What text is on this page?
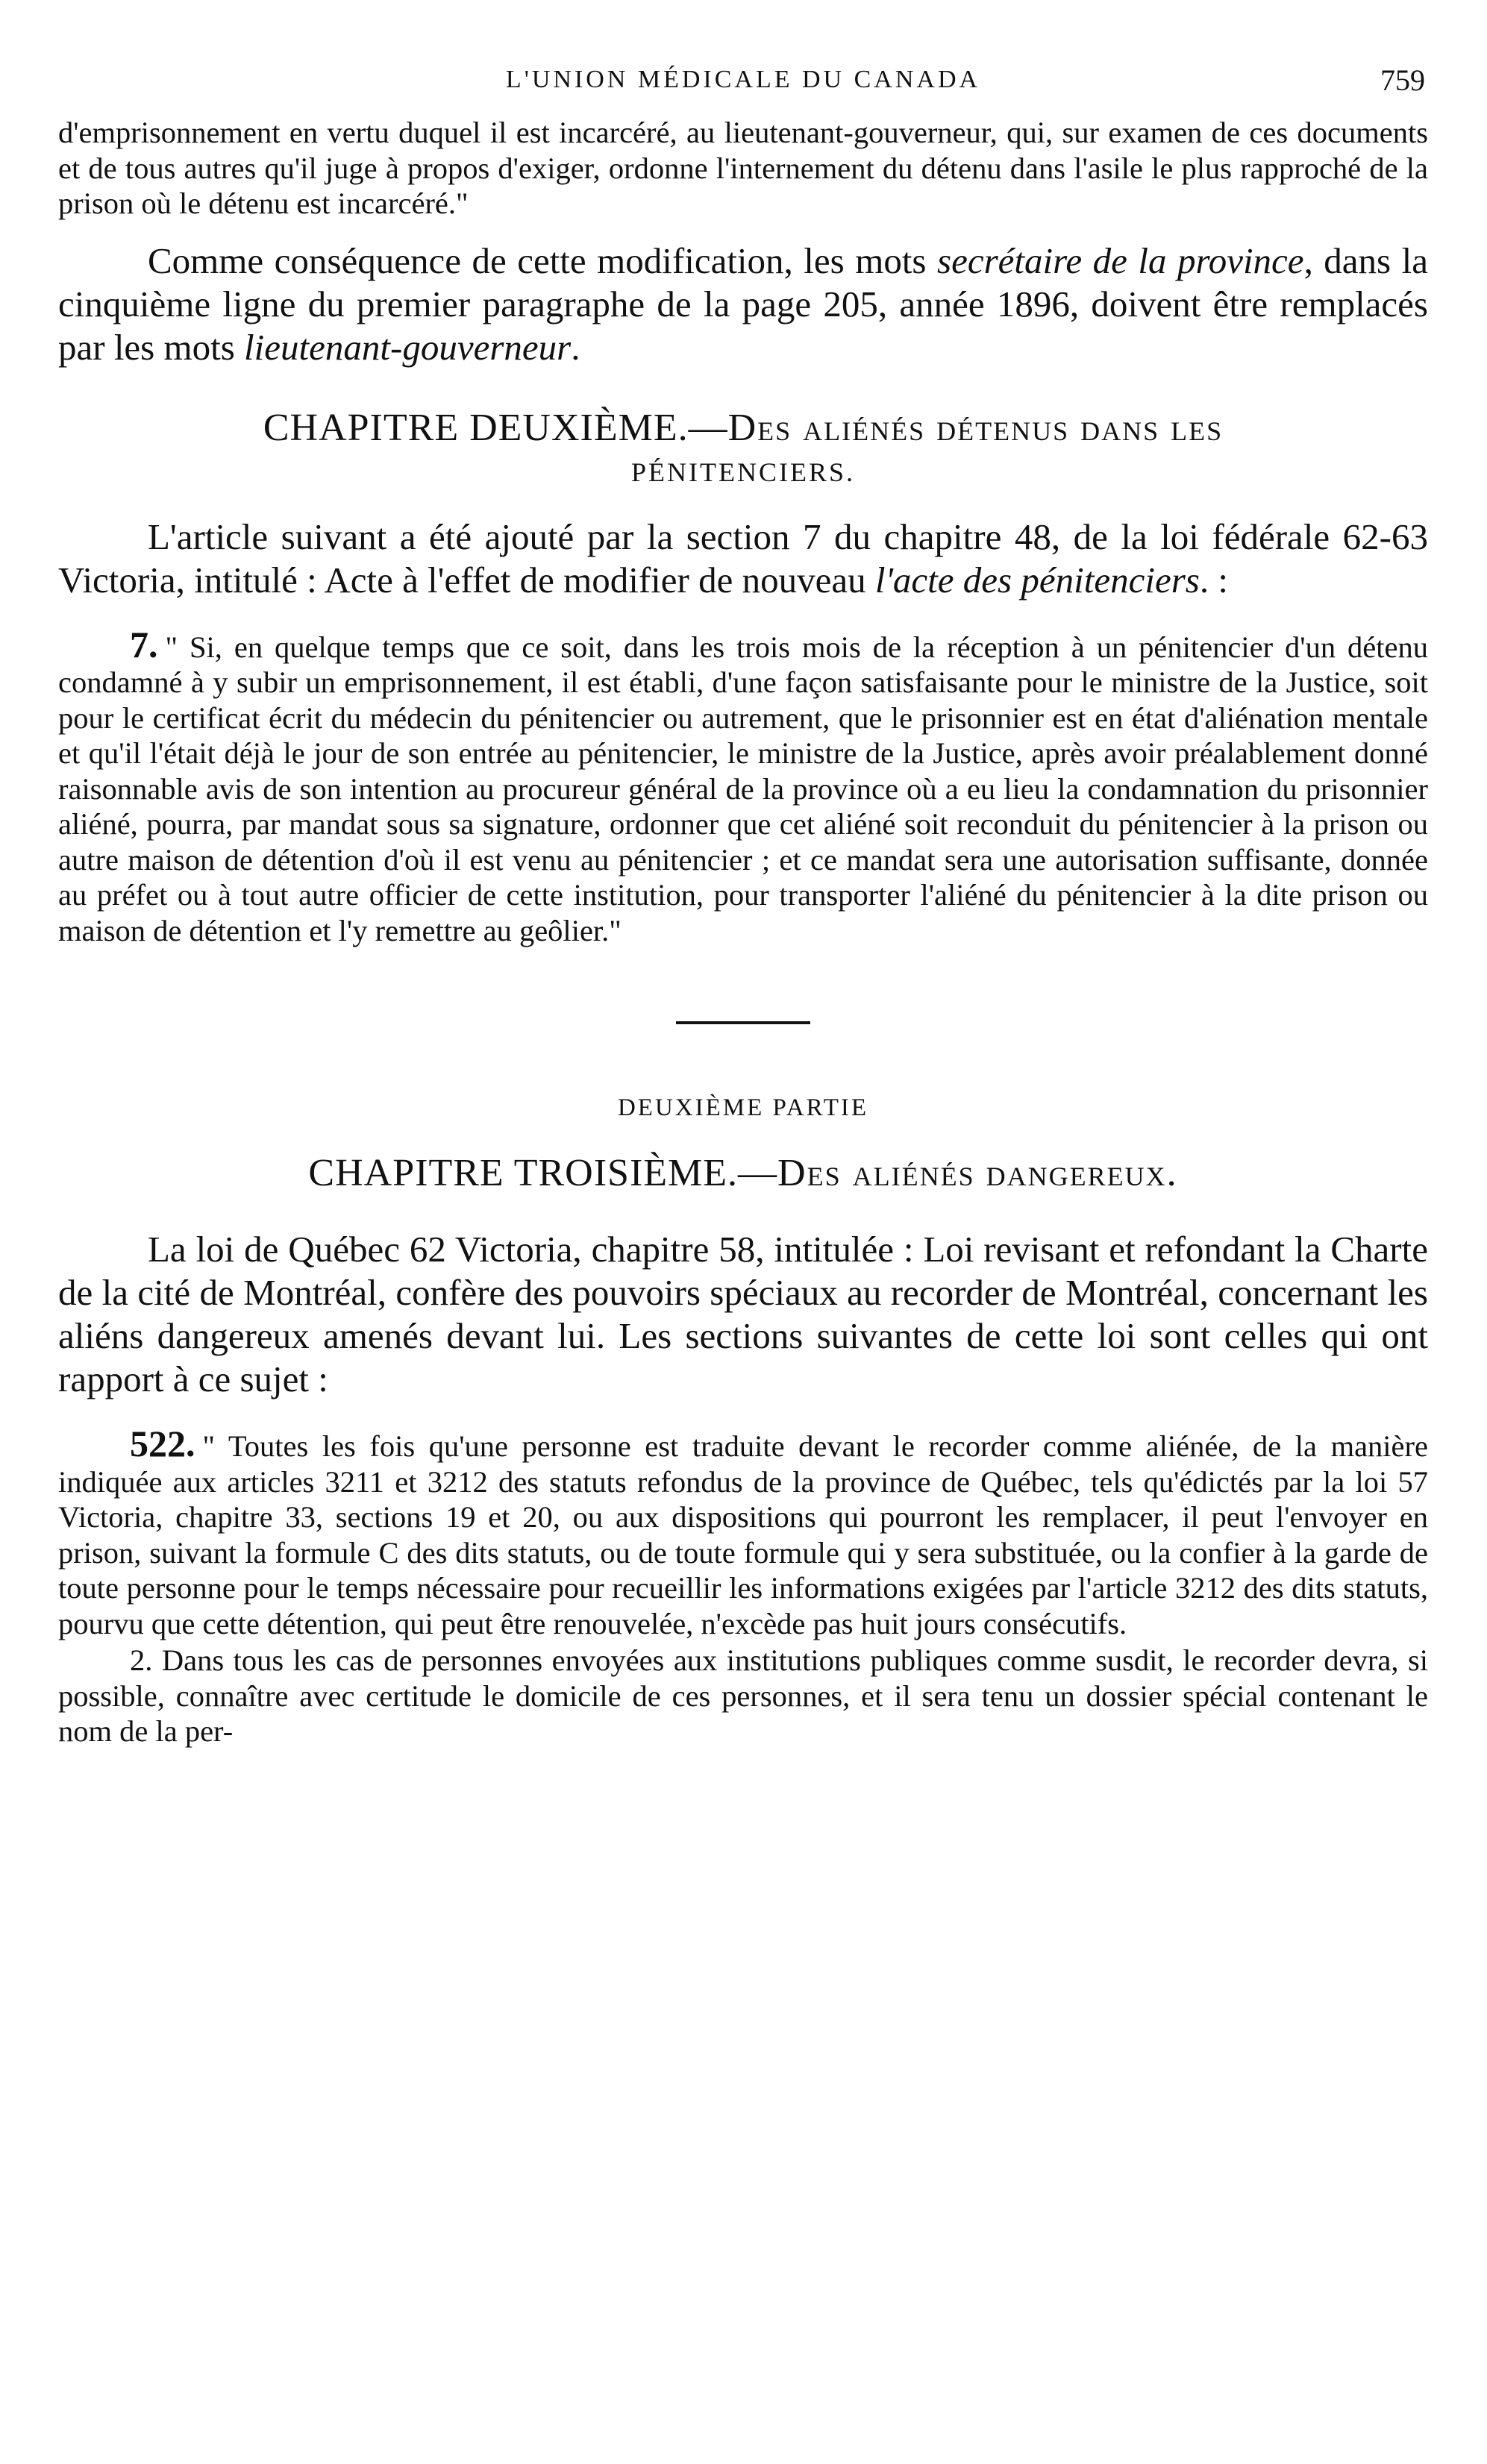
L'UNION MÉDICALE DU CANADA	759

d'emprisonnement en vertu duquel il est incarcéré, au lieutenant-gouverneur, qui, sur examen de ces documents et de tous autres qu'il juge à propos d'exiger, ordonne l'internement du détenu dans l'asile le plus rapproché de la prison où le détenu est incarcéré."

Comme conséquence de cette modification, les mots secrétaire de la province, dans la cinquième ligne du premier paragraphe de la page 205, année 1896, doivent être remplacés par les mots lieutenant-gouverneur.

CHAPITRE DEUXIÈME.—Des aliénés détenus dans les
PÉNITENCIERS.

L'article suivant a été ajouté par la section 7 du chapitre 48, de la loi fédérale 62-63 Victoria, intitulé : Acte à l'effet de modifier de nouveau l'acte des pénitenciers. :

7. " Si, en quelque temps que ce soit, dans les trois mois de la réception à un pénitencier d'un détenu condamné à y subir un emprisonnement, il est établi, d'une façon satisfaisante pour le ministre de la Justice, soit pour le certificat écrit du médecin du pénitencier ou autrement, que le prisonnier est en état d'aliénation mentale et qu'il l'était déjà le jour de son entrée au pénitencier, le ministre de la Justice, après avoir préalablement donné raisonnable avis de son intention au procureur général de la province où a eu lieu la condamnation du prisonnier aliéné, pourra, par mandat sous sa signature, ordonner que cet aliéné soit reconduit du pénitencier à la prison ou autre maison de détention d'où il est venu au pénitencier ; et ce mandat sera une autorisation suffisante, donnée au préfet ou à tout autre officier de cette institution, pour transporter l'aliéné du pénitencier à la dite prison ou maison de détention et l'y remettre au geôlier."

DEUXIÈME PARTIE
CHAPITRE TROISIÈME.—Des aliénés dangereux.

La loi de Québec 62 Victoria, chapitre 58, intitulée : Loi revisant et refondant la Charte de la cité de Montréal, confère des pouvoirs spéciaux au recorder de Montréal, concernant les aliéns dangereux amenés devant lui. Les sections suivantes de cette loi sont celles qui ont rapport à ce sujet :

522. " Toutes les fois qu'une personne est traduite devant le recorder comme aliénée, de la manière indiquée aux articles 3211 et 3212 des statuts refondus de la province de Québec, tels qu'édictés par la loi 57 Victoria, chapitre 33, sections 19 et 20, ou aux dispositions qui pourront les remplacer, il peut l'envoyer en prison, suivant la formule C des dits statuts, ou de toute formule qui y sera substituée, ou la confier à la garde de toute personne pour le temps nécessaire pour recueillir les informations exigées par l'article 3212 des dits statuts, pourvu que cette détention, qui peut être renouvelée, n'excède pas huit jours consécutifs.

2. Dans tous les cas de personnes envoyées aux institutions publiques comme susdit, le recorder devra, si possible, connaître avec certitude le domicile de ces personnes, et il sera tenu un dossier spécial contenant le nom de la per-
